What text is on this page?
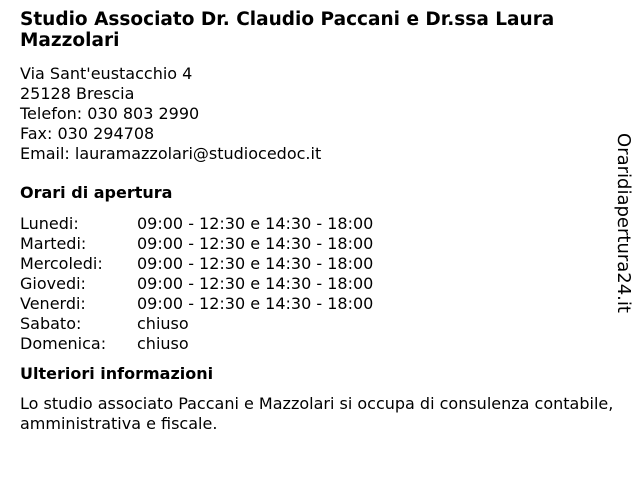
Studio Associato Dr. Claudio Paccani e Dr.ssa Laura Mazzolari
Via Sant'eustacchio 4
25128 Brescia
Telefon: 030 803 2990
Fax: 030 294708
Email: lauramazzolari@studiocedoc.it
Orari di apertura
Lunedi:	09:00 - 12:30 e 14:30 - 18:00
Martedi:	09:00 - 12:30 e 14:30 - 18:00
Mercoledi:	09:00 - 12:30 e 14:30 - 18:00
Giovedi:	09:00 - 12:30 e 14:30 - 18:00
Venerdi:	09:00 - 12:30 e 14:30 - 18:00
Sabato:	chiuso
Domenica:	chiuso
Ulteriori informazioni
Lo studio associato Paccani e Mazzolari si occupa di consulenza contabile, amministrativa e fiscale.
Oraridiapertura24.it
